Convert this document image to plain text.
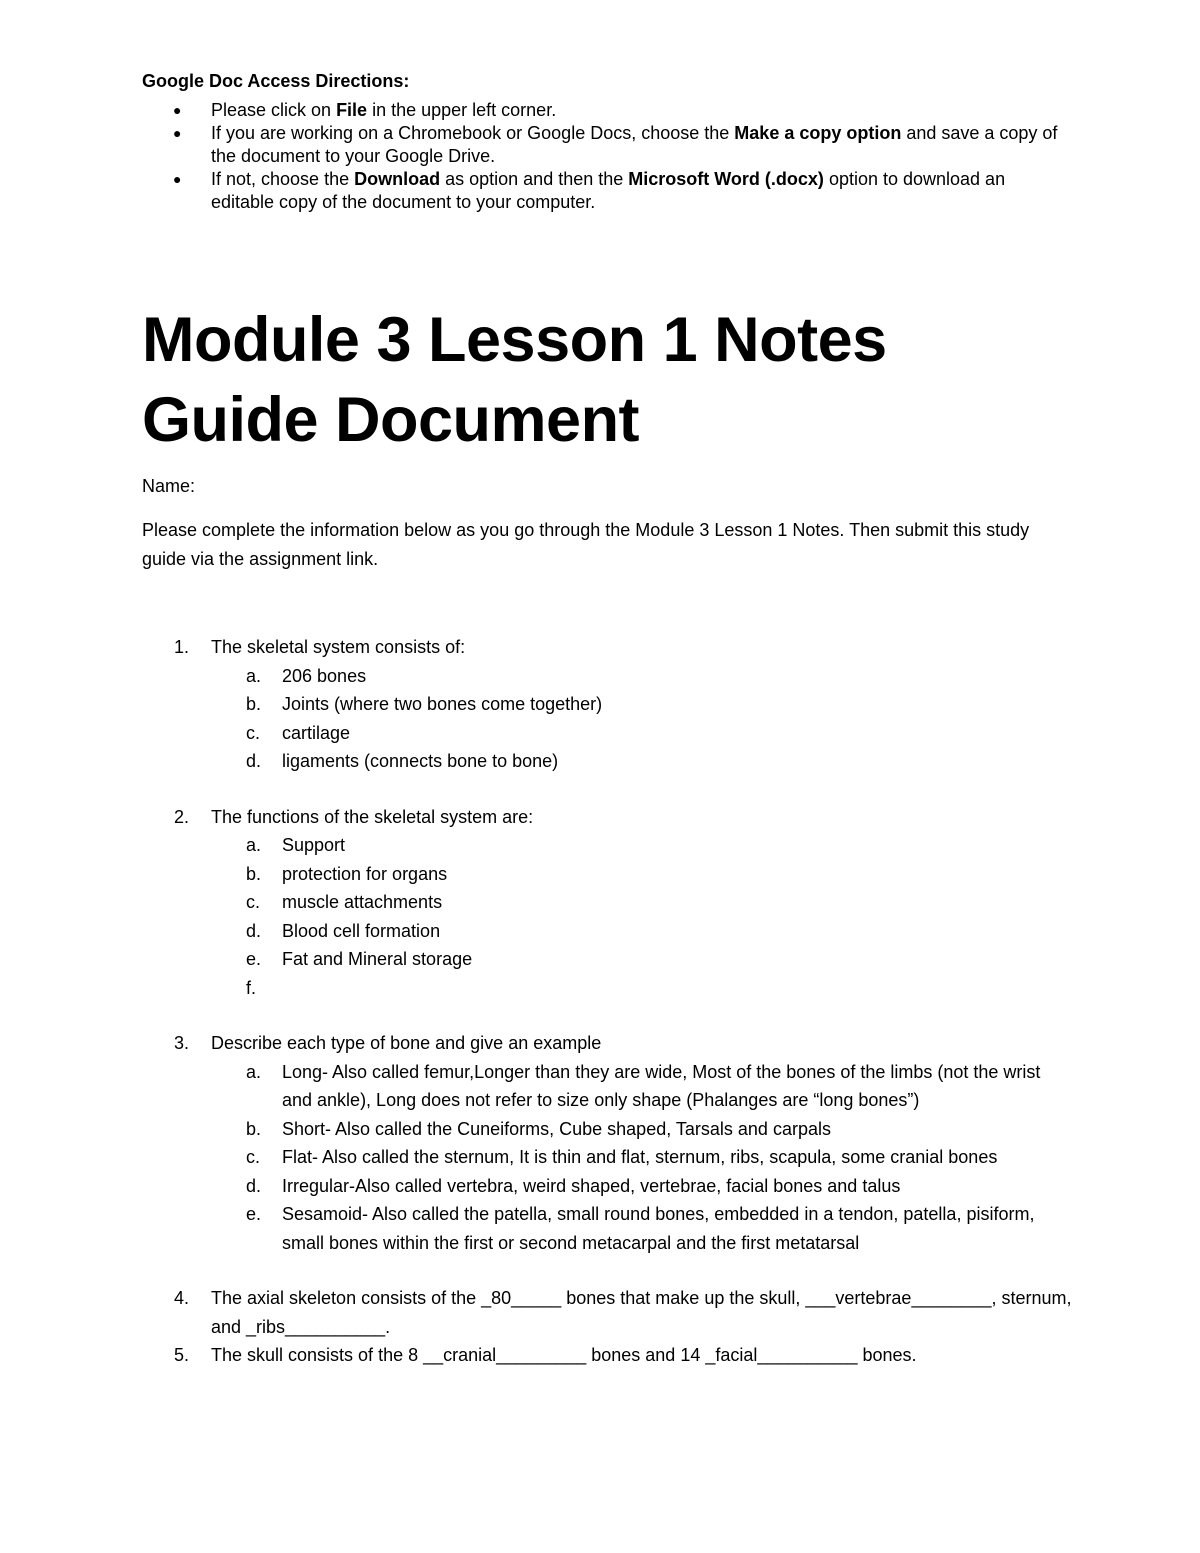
Google Doc Access Directions:
● Please click on File in the upper left corner.
● If you are working on a Chromebook or Google Docs, choose the Make a copy option and save a copy of the document to your Google Drive.
● If not, choose the Download as option and then the Microsoft Word (.docx) option to download an editable copy of the document to your computer.
Module 3 Lesson 1 Notes
Guide Document
Name:
Please complete the information below as you go through the Module 3 Lesson 1 Notes. Then submit this study guide via the assignment link.
1. The skeletal system consists of:
a. 206 bones
b. Joints (where two bones come together)
c. cartilage
d. ligaments (connects bone to bone)
2. The functions of the skeletal system are:
a. Support
b. protection for organs
c. muscle attachments
d. Blood cell formation
e. Fat and Mineral storage
f.

3. Describe each type of bone and give an example
a. Long- Also called femur,Longer than they are wide, Most of the bones of the limbs (not the wrist and ankle), Long does not refer to size only shape (Phalanges are “long bones”)
b. Short- Also called the Cuneiforms, Cube shaped, Tarsals and carpals
c. Flat- Also called the sternum, It is thin and flat, sternum, ribs, scapula, some cranial bones
d. Irregular-Also called vertebra, weird shaped, vertebrae, facial bones and talus
e. Sesamoid- Also called the patella, small round bones, embedded in a tendon, patella, pisiform, small bones within the first or second metacarpal and the first metatarsal
4. The axial skeleton consists of the _80_____ bones that make up the skull, ___vertebrae________, sternum, and _ribs__________.
5. The skull consists of the 8 __cranial_________ bones and 14 _facial__________ bones.
